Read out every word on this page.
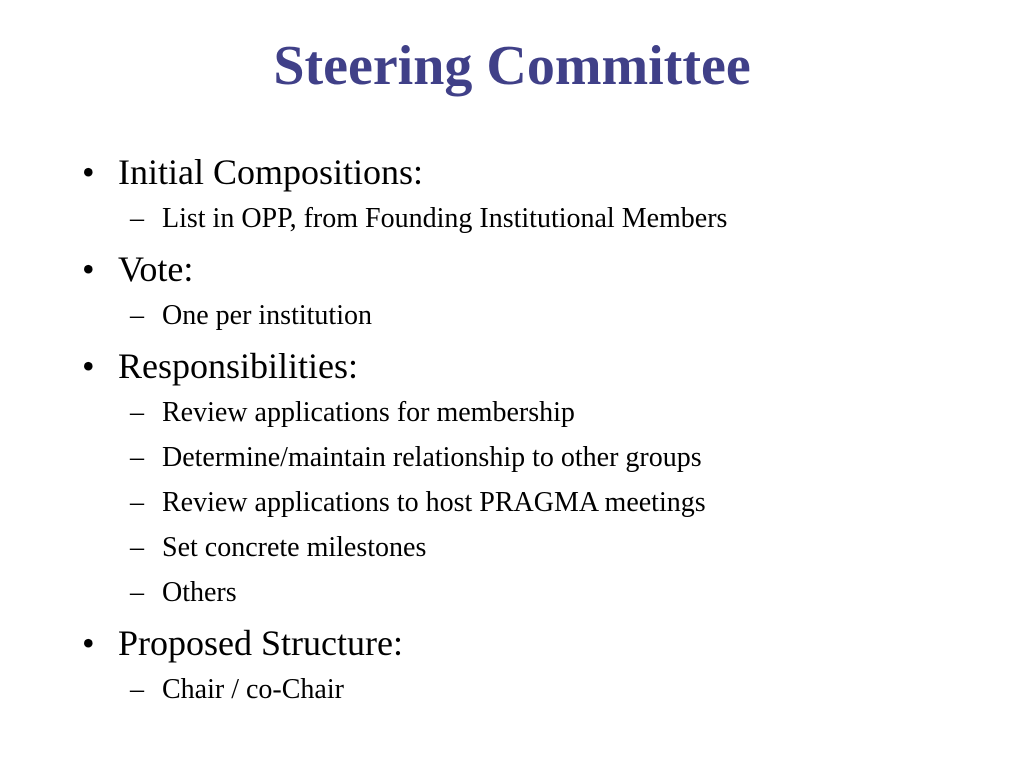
Steering Committee
• Initial Compositions:
– List in OPP, from Founding Institutional Members
• Vote:
– One per institution
• Responsibilities:
– Review applications for membership
– Determine/maintain relationship to other groups
– Review applications to host PRAGMA meetings
– Set concrete milestones
– Others
• Proposed Structure:
– Chair / co-Chair
